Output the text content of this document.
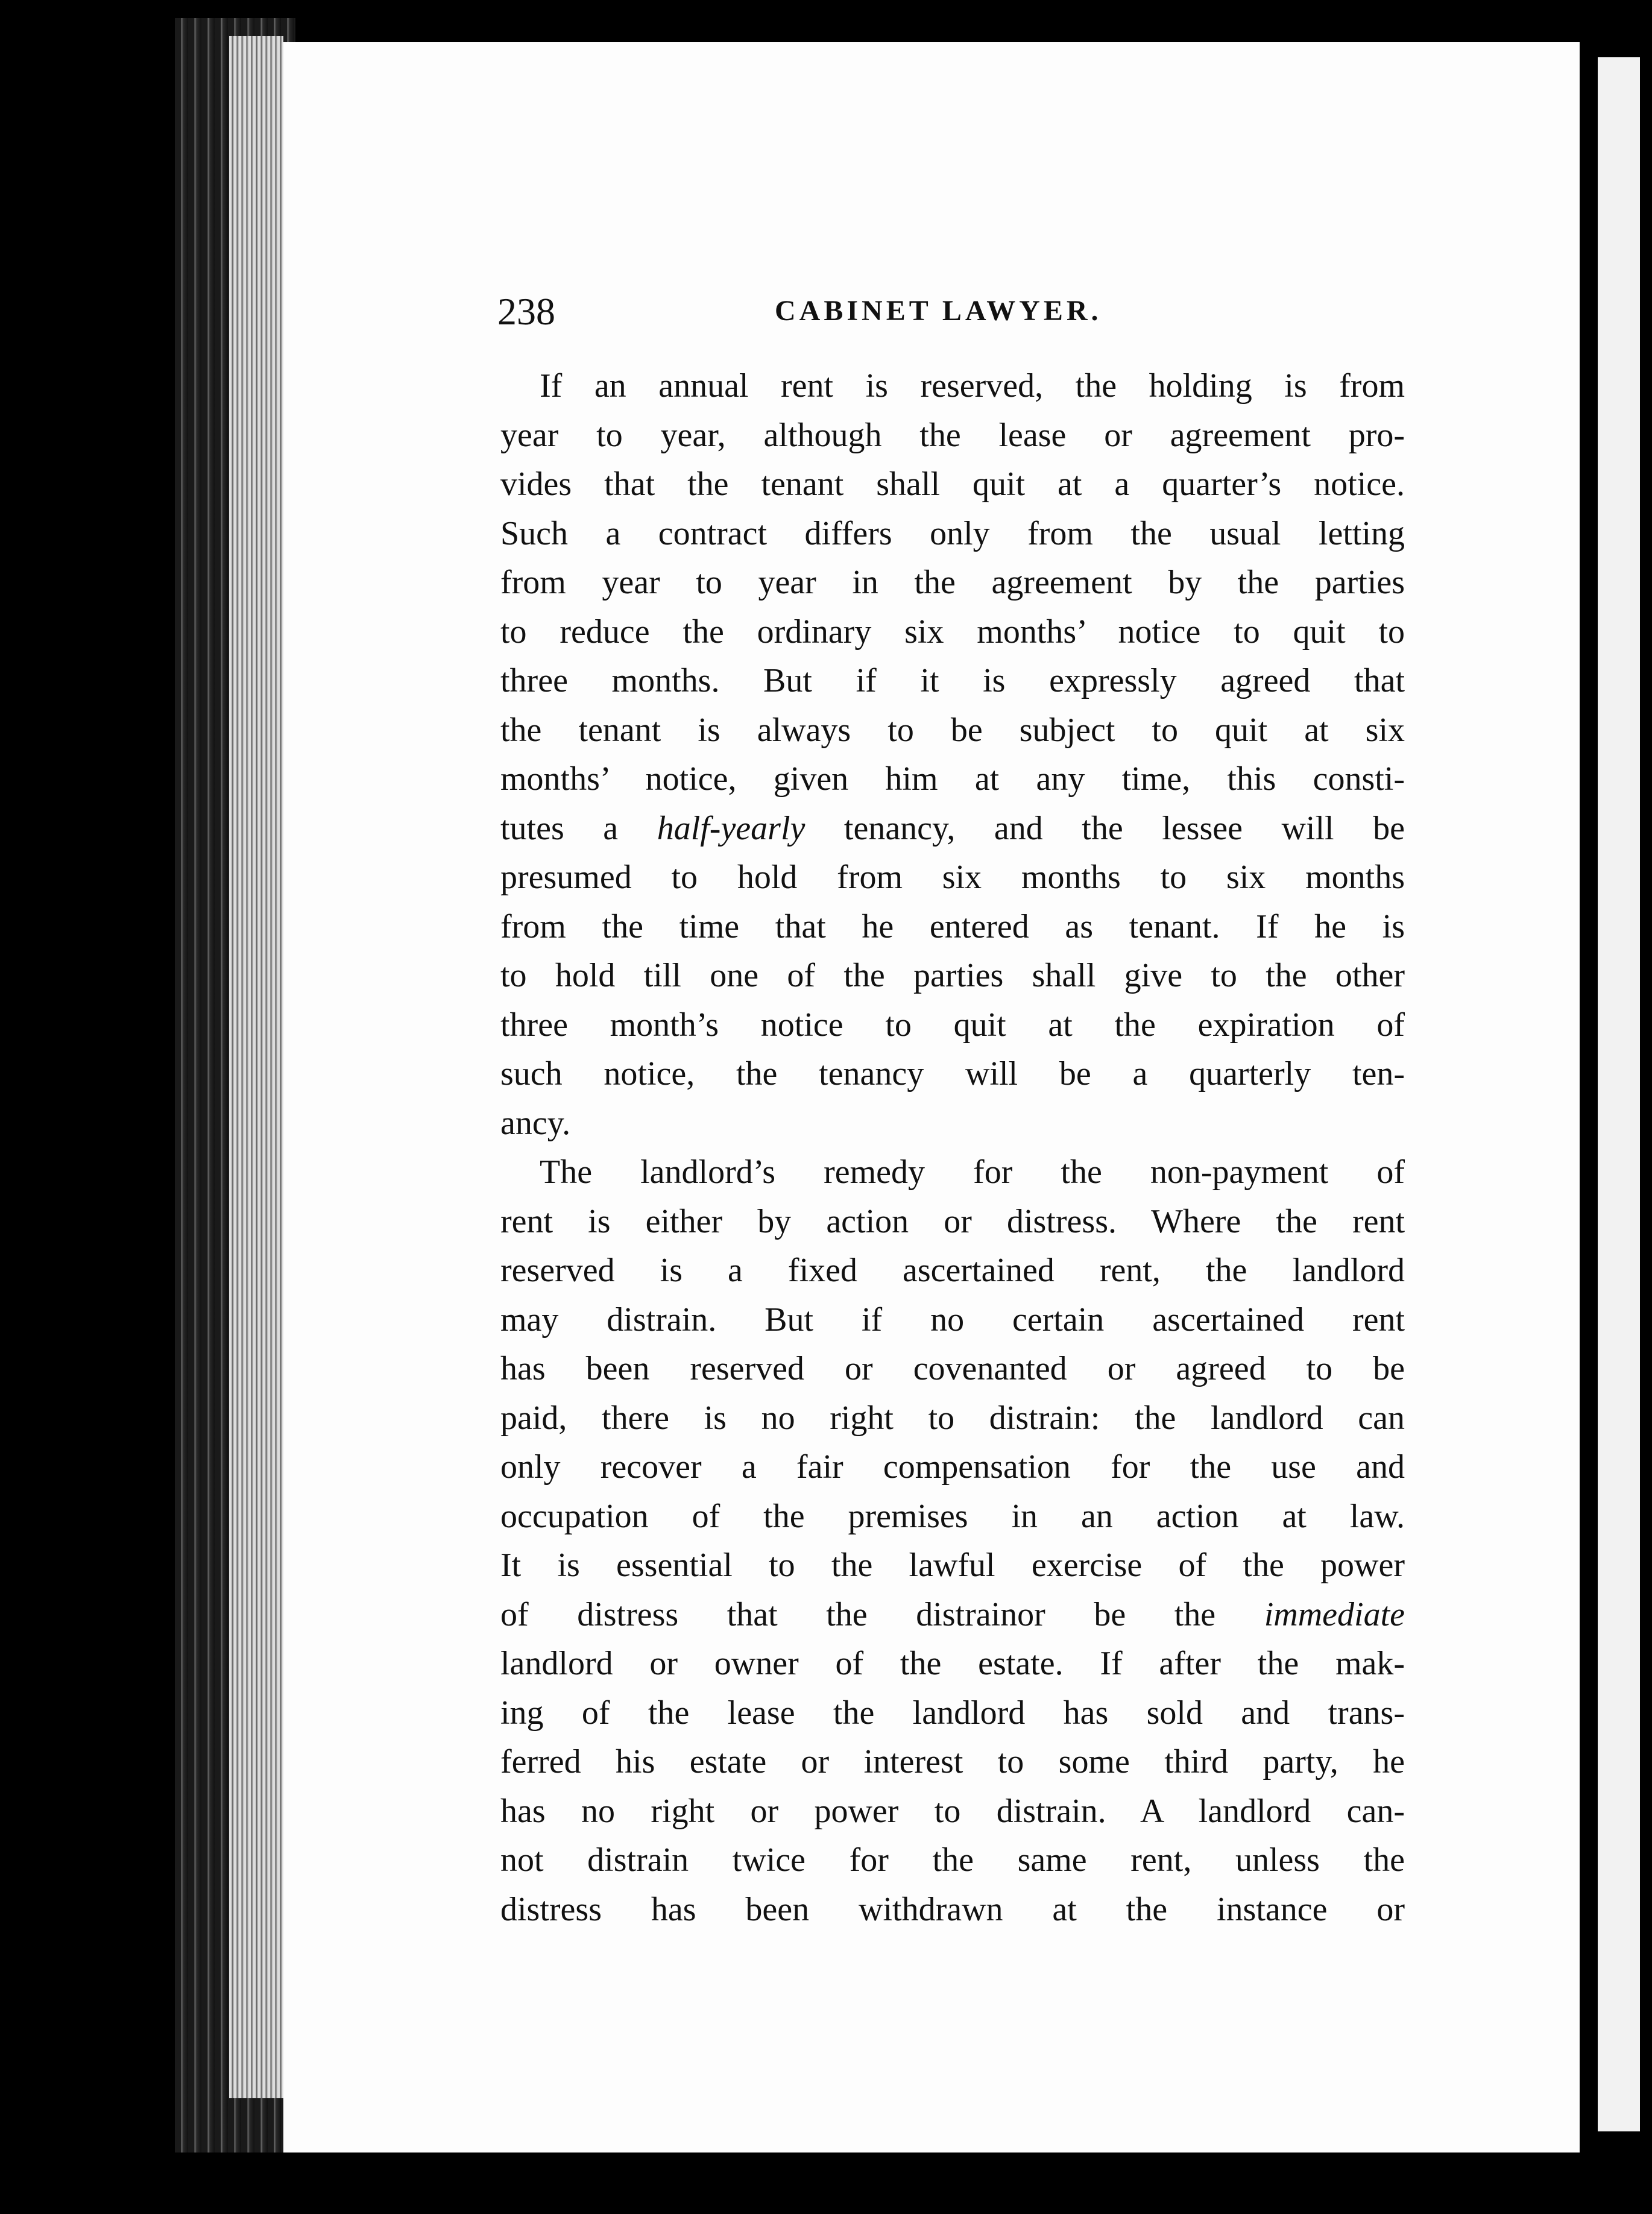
238	CABINET LAWYER.
If an annual rent is reserved, the holding is from
year to year, although the lease or agreement pro-
vides that the tenant shall quit at a quarter’s notice.
Such a contract differs only from the usual letting
from year to year in the agreement by the parties
to reduce the ordinary six months’ notice to quit to
three months. But if it is expressly agreed that
the tenant is always to be subject to quit at six
months’ notice, given him at any time, this consti-
tutes a half-yearly tenancy, and the lessee will be
presumed to hold from six months to six months
from the time that he entered as tenant. If he is
to hold till one of the parties shall give to the other
three month’s notice to quit at the expiration of
such notice, the tenancy will be a quarterly ten-
ancy.
The landlord’s remedy for the non-payment of
rent is either by action or distress. Where the rent
reserved is a fixed ascertained rent, the landlord
may distrain. But if no certain ascertained rent
has been reserved or covenanted or agreed to be
paid, there is no right to distrain: the landlord can
only recover a fair compensation for the use and
occupation of the premises in an action at law.
It is essential to the lawful exercise of the power
of distress that the distrainor be the immediate
landlord or owner of the estate. If after the mak-
ing of the lease the landlord has sold and trans-
ferred his estate or interest to some third party, he
has no right or power to distrain. A landlord can-
not distrain twice for the same rent, unless the
distress has been withdrawn at the instance or
